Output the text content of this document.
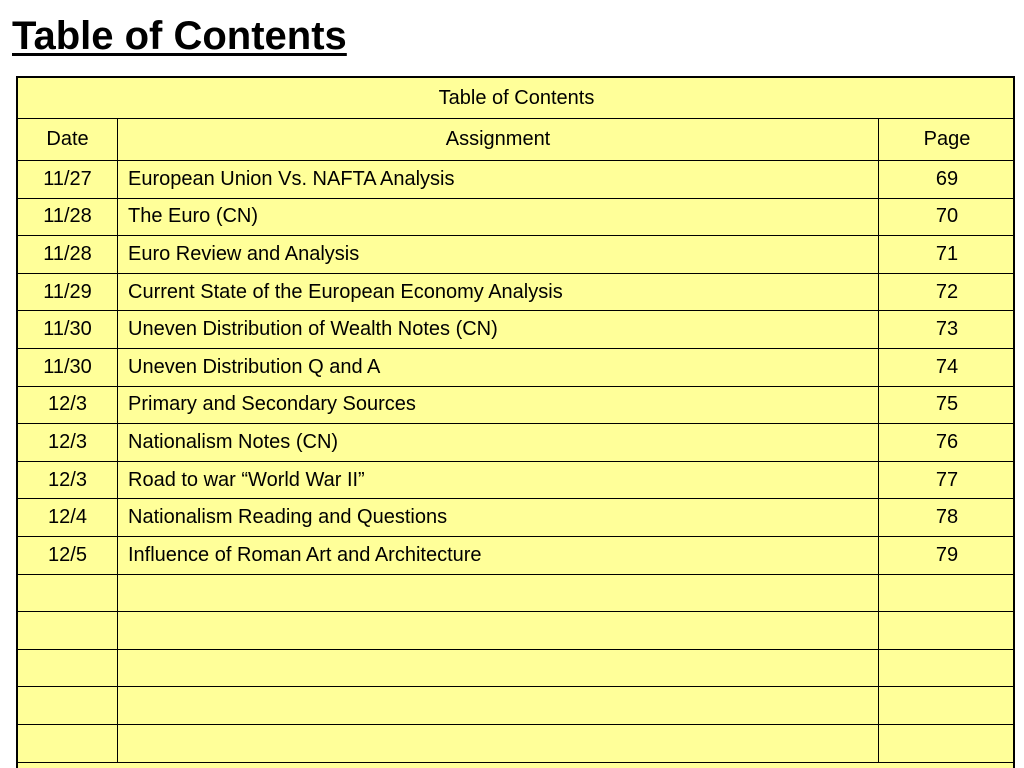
Table of Contents
Table of Contents		
Date	Assignment	Page
11/27	European Union Vs. NAFTA Analysis	69
11/28	The Euro (CN)	70
11/28	Euro Review and Analysis	71
11/29	Current State of the European Economy Analysis	72
11/30	Uneven Distribution of Wealth Notes (CN)	73
11/30	Uneven Distribution Q and A	74
12/3	Primary and Secondary Sources	75
12/3	Nationalism Notes (CN)	76
12/3	Road to war “World War II”	77
12/4	Nationalism Reading and Questions	78
12/5	Influence of Roman Art and Architecture	79
